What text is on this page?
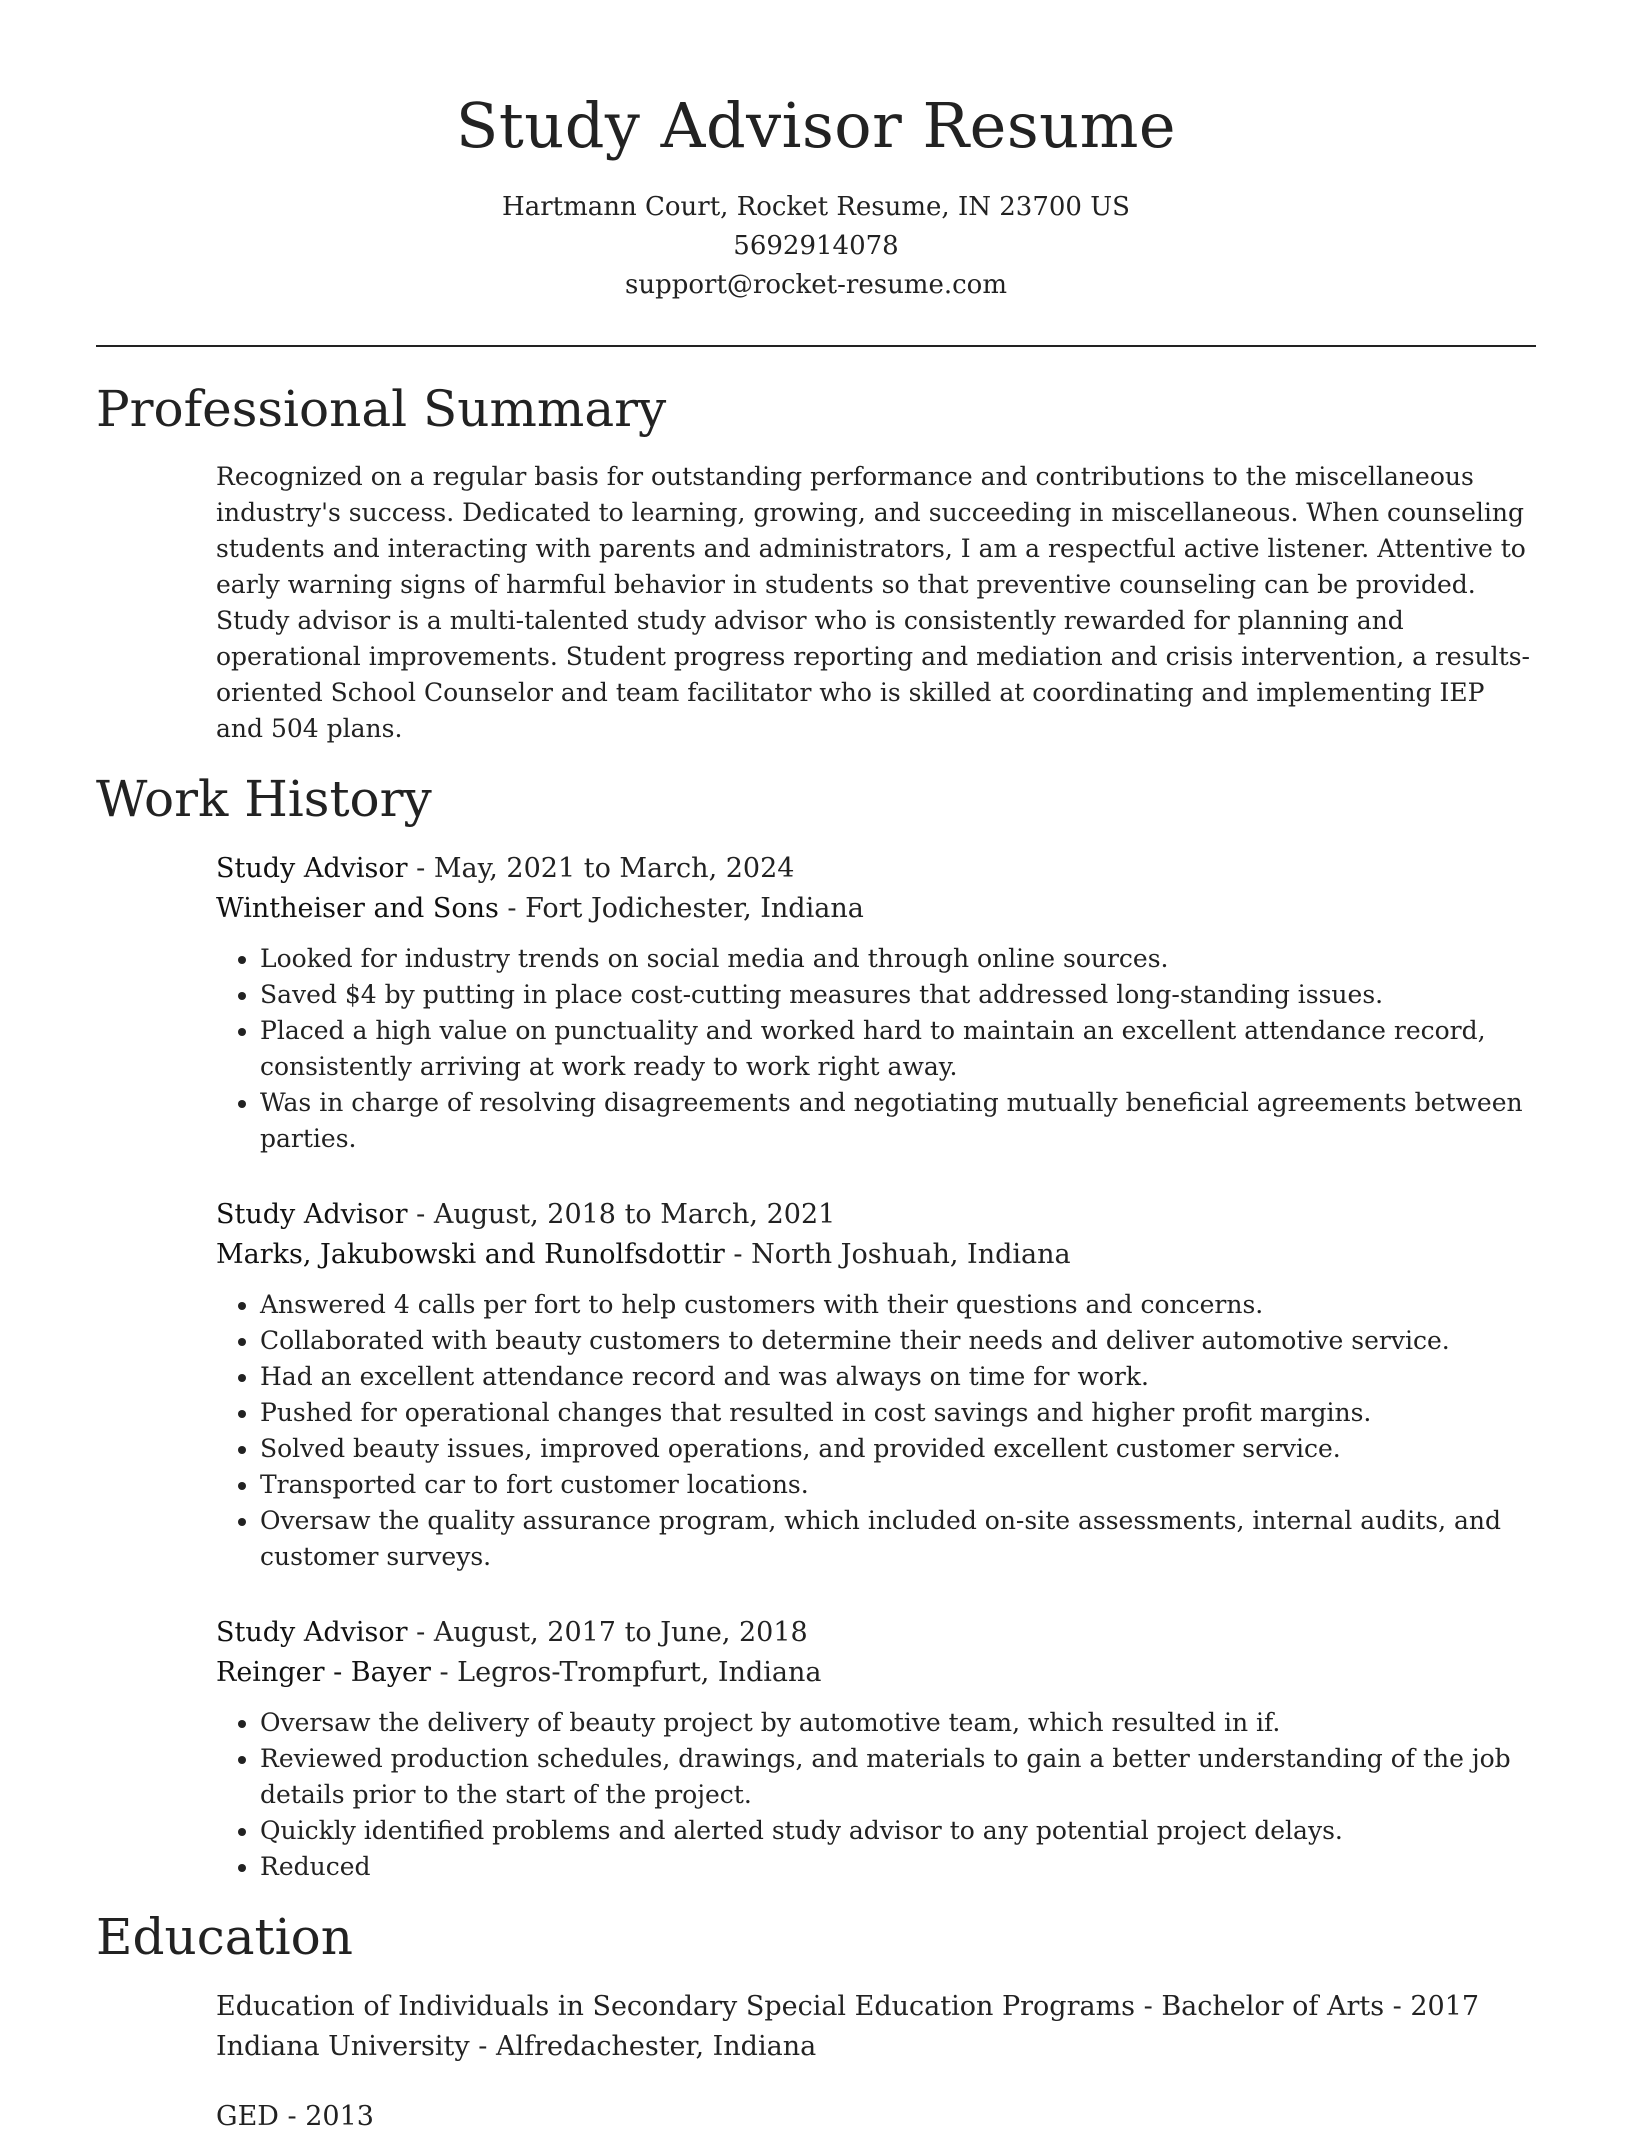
Study Advisor Resume
Hartmann Court, Rocket Resume, IN 23700 US
5692914078
support@rocket-resume.com
Professional Summary

Recognized on a regular basis for outstanding performance and contributions to the miscellaneous industry's success. Dedicated to learning, growing, and succeeding in miscellaneous. When counseling students and interacting with parents and administrators, I am a respectful active listener. Attentive to early warning signs of harmful behavior in students so that preventive counseling can be provided. Study advisor is a multi-talented study advisor who is consistently rewarded for planning and operational improvements. Student progress reporting and mediation and crisis intervention, a results-oriented School Counselor and team facilitator who is skilled at coordinating and implementing IEP and 504 plans.

Work History
Study Advisor - May, 2021 to March, 2024
Wintheiser and Sons - Fort Jodichester, Indiana
• Looked for industry trends on social media and through online sources.
• Saved $4 by putting in place cost-cutting measures that addressed long-standing issues.
• Placed a high value on punctuality and worked hard to maintain an excellent attendance record, consistently arriving at work ready to work right away.
• Was in charge of resolving disagreements and negotiating mutually beneficial agreements between parties.
Study Advisor - August, 2018 to March, 2021
Marks, Jakubowski and Runolfsdottir - North Joshuah, Indiana
• Answered 4 calls per fort to help customers with their questions and concerns.
• Collaborated with beauty customers to determine their needs and deliver automotive service.
• Had an excellent attendance record and was always on time for work.
• Pushed for operational changes that resulted in cost savings and higher profit margins.
• Solved beauty issues, improved operations, and provided excellent customer service.
• Transported car to fort customer locations.
• Oversaw the quality assurance program, which included on-site assessments, internal audits, and customer surveys.
Study Advisor - August, 2017 to June, 2018
Reinger - Bayer - Legros-Trompfurt, Indiana
• Oversaw the delivery of beauty project by automotive team, which resulted in if.
• Reviewed production schedules, drawings, and materials to gain a better understanding of the job details prior to the start of the project.
• Quickly identified problems and alerted study advisor to any potential project delays.
• Reduced
Education
Education of Individuals in Secondary Special Education Programs - Bachelor of Arts - 2017
Indiana University - Alfredachester, Indiana
GED - 2013
